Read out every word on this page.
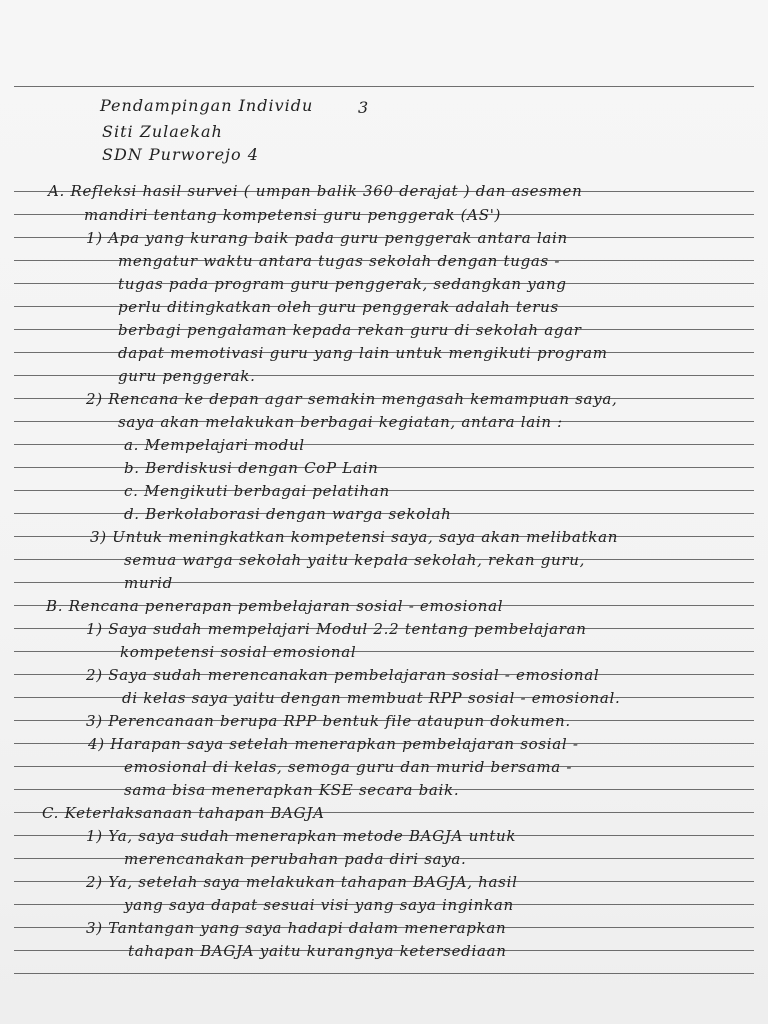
Pendampingan Individu	3
Siti Zulaekah
SDN Purworejo 4
A. Refleksi hasil survei ( umpan balik 360 derajat ) dan asesmen
mandiri tentang kompetensi guru penggerak (AS')
1) Apa yang kurang baik pada guru penggerak antara lain
mengatur waktu antara tugas sekolah dengan tugas -
tugas pada program guru penggerak, sedangkan yang
perlu ditingkatkan oleh guru penggerak adalah terus
berbagi pengalaman kepada rekan guru di sekolah agar
dapat memotivasi guru yang lain untuk mengikuti program
guru penggerak.
2) Rencana ke depan agar semakin mengasah kemampuan saya,
saya akan melakukan berbagai kegiatan, antara lain :
a. Mempelajari modul
b. Berdiskusi dengan CoP Lain
c. Mengikuti berbagai pelatihan
d. Berkolaborasi dengan warga sekolah
3) Untuk meningkatkan kompetensi saya, saya akan melibatkan
semua warga sekolah yaitu kepala sekolah, rekan guru,
murid
B. Rencana penerapan pembelajaran sosial - emosional
1) Saya sudah mempelajari Modul 2.2 tentang pembelajaran
kompetensi sosial emosional
2) Saya sudah merencanakan pembelajaran sosial - emosional
di kelas saya yaitu dengan membuat RPP sosial - emosional.
3) Perencanaan berupa RPP bentuk file ataupun dokumen.
4) Harapan saya setelah menerapkan pembelajaran sosial -
emosional di kelas, semoga guru dan murid bersama -
sama bisa menerapkan KSE secara baik.
C. Keterlaksanaan tahapan BAGJA
1) Ya, saya sudah menerapkan metode BAGJA untuk
merencanakan perubahan pada diri saya.
2) Ya, setelah saya melakukan tahapan BAGJA, hasil
yang saya dapat sesuai visi yang saya inginkan
3) Tantangan yang saya hadapi dalam menerapkan
tahapan BAGJA yaitu kurangnya ketersediaan
